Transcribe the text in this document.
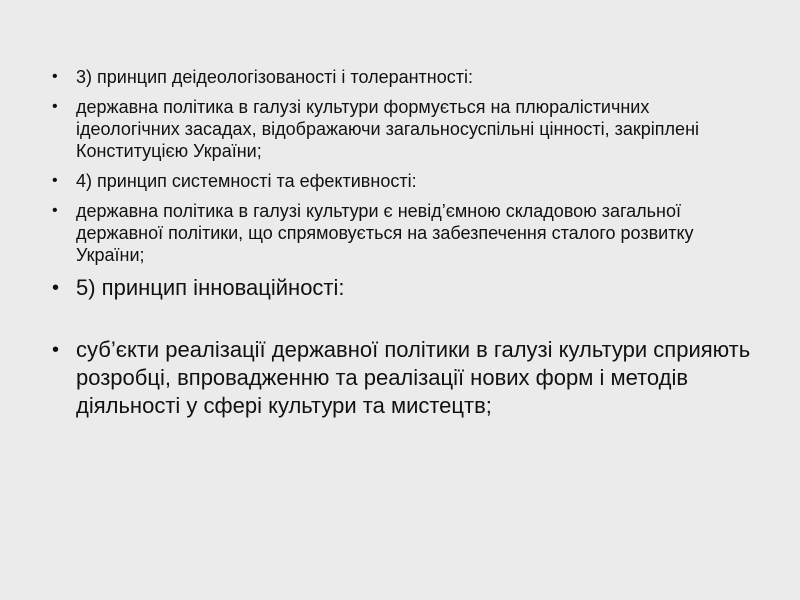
• 3) принцип деідеологізованості і толерантності:
• державна політика в галузі культури формується на плюралістичних ідеологічних засадах, відображаючи загальносуспільні цінності, закріплені Конституцією України;
• 4) принцип системності та ефективності:
• державна політика в галузі культури є невід’ємною складовою загальної державної політики, що спрямовується на забезпечення сталого розвитку України;
• 5) принцип інноваційності:
• суб’єкти реалізації державної політики в галузі культури сприяють розробці, впровадженню та реалізації нових форм і методів діяльності у сфері культури та мистецтв;
